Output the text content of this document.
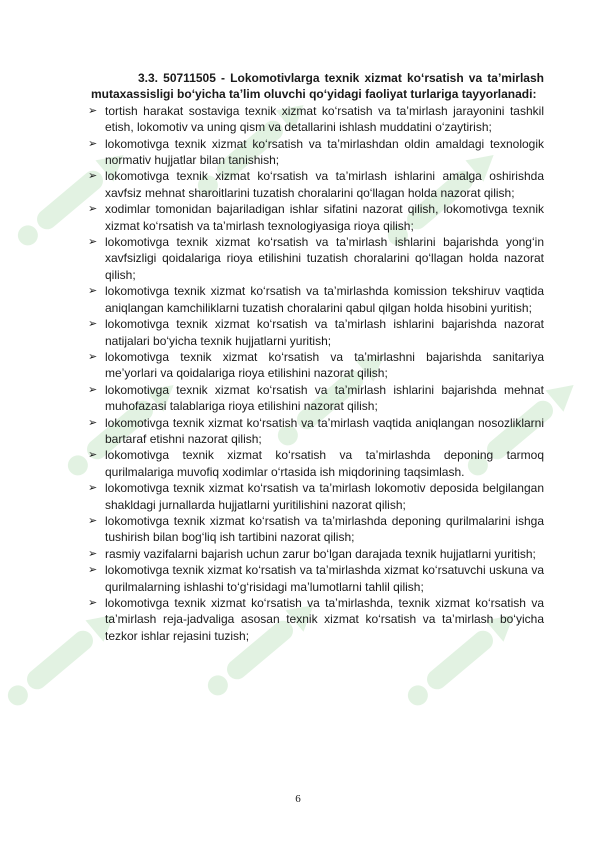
3.3. 50711505 - Lokomotivlarga texnik xizmat ko‘rsatish va ta’mirlash mutaxassisligi bo‘yicha ta’lim oluvchi qo‘yidagi faoliyat turlariga tayyorlanadi:

➢ tortish harakat sostaviga texnik xizmat ko‘rsatish va ta’mirlash jarayonini tashkil etish, lokomotiv va uning qism va detallarini ishlash muddatini o‘zaytirish;
➢ lokomotivga texnik xizmat ko‘rsatish va ta’mirlashdan oldin amaldagi texnologik normativ hujjatlar bilan tanishish;
➢ lokomotivga texnik xizmat ko‘rsatish va ta’mirlash ishlarini amalga oshirishda xavfsiz mehnat sharoitlarini tuzatish choralarini qo‘llagan holda nazorat qilish;
➢ xodimlar tomonidan bajariladigan ishlar sifatini nazorat qilish, lokomotivga texnik xizmat ko‘rsatish va ta’mirlash texnologiyasiga rioya qilish;
➢ lokomotivga texnik xizmat ko‘rsatish va ta’mirlash ishlarini bajarishda yong‘in xavfsizligi qoidalariga rioya etilishini tuzatish choralarini qo‘llagan holda nazorat qilish;
➢ lokomotivga texnik xizmat ko‘rsatish va ta’mirlashda komission tekshiruv vaqtida aniqlangan kamchiliklarni tuzatish choralarini qabul qilgan holda hisobini yuritish;
➢ lokomotivga texnik xizmat ko‘rsatish va ta’mirlash ishlarini bajarishda nazorat natijalari bo‘yicha texnik hujjatlarni yuritish;
➢ lokomotivga texnik xizmat ko‘rsatish va ta’mirlashni bajarishda sanitariya me’yorlari va qoidalariga rioya etilishini nazorat qilish;
➢ lokomotivga texnik xizmat ko‘rsatish va ta’mirlash ishlarini bajarishda mehnat muhofazasi talablariga rioya etilishini nazorat qilish;
➢ lokomotivga texnik xizmat ko‘rsatish va ta’mirlash vaqtida aniqlangan nosozliklarni bartaraf etishni nazorat qilish;
➢ lokomotivga texnik xizmat ko‘rsatish va ta’mirlashda deponing tarmoq qurilmalariga muvofiq xodimlar o‘rtasida ish miqdorining taqsimlash.
➢ lokomotivga texnik xizmat ko‘rsatish va ta’mirlash lokomotiv deposida belgilangan shakldagi jurnallarda hujjatlarni yuritilishini nazorat qilish;
➢ lokomotivga texnik xizmat ko‘rsatish va ta’mirlashda deponing qurilmalarini ishga tushirish bilan bog‘liq ish tartibini nazorat qilish;
➢ rasmiy vazifalarni bajarish uchun zarur bo‘lgan darajada texnik hujjatlarni yuritish;
➢ lokomotivga texnik xizmat ko‘rsatish va ta’mirlashda xizmat ko‘rsatuvchi uskuna va qurilmalarning ishlashi to‘g‘risidagi ma’lumotlarni tahlil qilish;
➢ lokomotivga texnik xizmat ko‘rsatish va ta’mirlashda, texnik xizmat ko‘rsatish va ta’mirlash reja-jadvaliga asosan texnik xizmat ko‘rsatish va ta’mirlash bo‘yicha tezkor ishlar rejasini tuzish;
6
